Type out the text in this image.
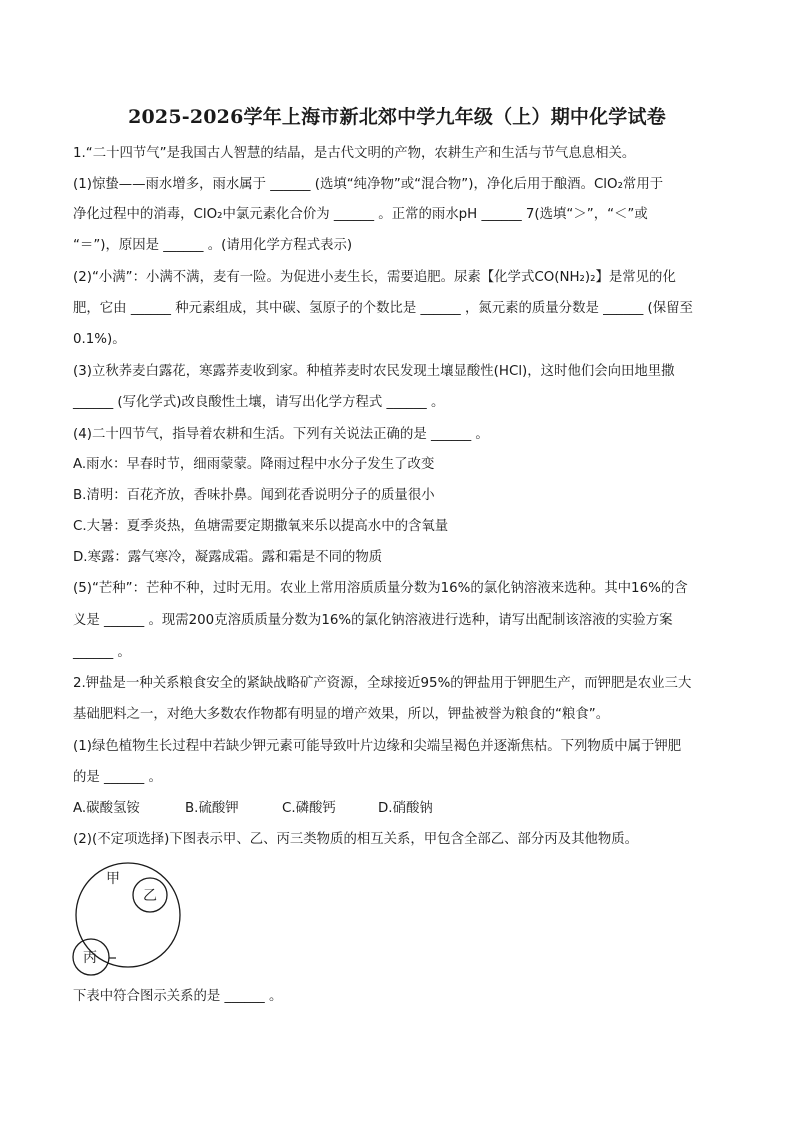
2025-2026学年上海市新北郊中学九年级（上）期中化学试卷
1.“二十四节气”是我国古人智慧的结晶，是古代文明的产物，农耕生产和生活与节气息息相关。
(1)惊蛰——雨水增多，雨水属于 ______ (选填“纯净物”或“混合物”)，净化后用于酿酒。ClO₂常用于
净化过程中的消毒，ClO₂中氯元素化合价为 ______ 。正常的雨水pH ______ 7(选填“＞”，“＜”或
“＝”)，原因是 ______ 。(请用化学方程式表示)
(2)“小满”：小满不满，麦有一险。为促进小麦生长，需要追肥。尿素【化学式CO(NH₂)₂】是常见的化
肥，它由 ______ 种元素组成，其中碳、氢原子的个数比是 ______ ，氮元素的质量分数是 ______ (保留至
0.1%)。
(3)立秋荞麦白露花，寒露荞麦收到家。种植荞麦时农民发现土壤显酸性(HCl)，这时他们会向田地里撒
______ (写化学式)改良酸性土壤，请写出化学方程式 ______ 。
(4)二十四节气，指导着农耕和生活。下列有关说法正确的是 ______ 。
A.雨水：早春时节，细雨蒙蒙。降雨过程中水分子发生了改变
B.清明：百花齐放，香味扑鼻。闻到花香说明分子的质量很小
C.大暑：夏季炎热，鱼塘需要定期撒氧来乐以提高水中的含氧量
D.寒露：露气寒冷，凝露成霜。露和霜是不同的物质
(5)“芒种”：芒种不种，过时无用。农业上常用溶质质量分数为16%的氯化钠溶液来选种。其中16%的含
义是 ______ 。现需200克溶质质量分数为16%的氯化钠溶液进行选种，请写出配制该溶液的实验方案
______ 。
2.钾盐是一种关系粮食安全的紧缺战略矿产资源，全球接近95%的钾盐用于钾肥生产，而钾肥是农业三大
基础肥料之一，对绝大多数农作物都有明显的增产效果，所以，钾盐被誉为粮食的“粮食”。
(1)绿色植物生长过程中若缺少钾元素可能导致叶片边缘和尖端呈褐色并逐渐焦枯。下列物质中属于钾肥
的是 ______ 。
A.碳酸氢铵	B.硫酸钾	C.磷酸钙	D.硝酸钠
(2)(不定项选择)下图表示甲、乙、丙三类物质的相互关系，甲包含全部乙、部分丙及其他物质。
甲
乙
丙
下表中符合图示关系的是 ______ 。
